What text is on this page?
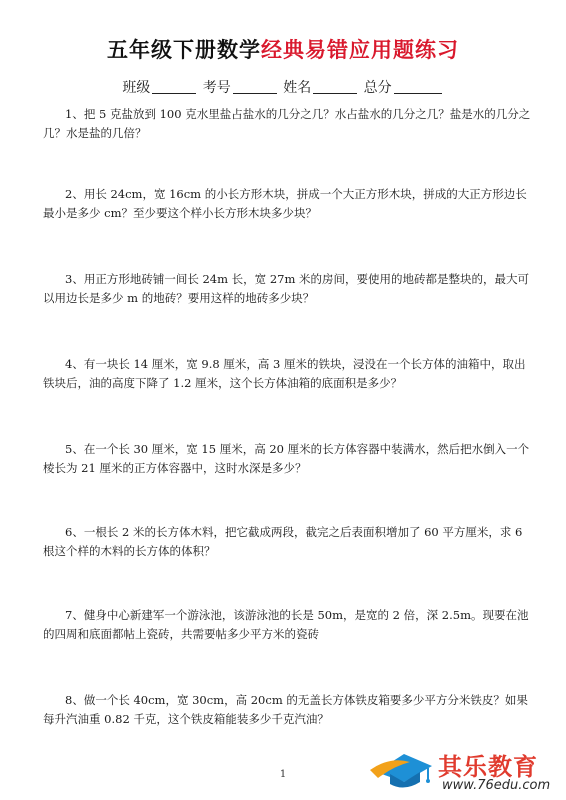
五年级下册数学经典易错应用题练习
班级	考号	姓名	总分

1、把 5 克盐放到 100 克水里盐占盐水的几分之几？水占盐水的几分之几？盐是水的几分之几？水是盐的几倍？

2、用长 24cm，宽 16cm 的小长方形木块，拼成一个大正方形木块，拼成的大正方形边长最小是多少 cm？至少要这个样小长方形木块多少块？

3、用正方形地砖铺一间长 24m 长，宽 27m 米的房间，要使用的地砖都是整块的，最大可以用边长是多少 m 的地砖？要用这样的地砖多少块？

4、有一块长 14 厘米，宽 9.8 厘米，高 3 厘米的铁块，浸没在一个长方体的油箱中，取出铁块后，油的高度下降了 1.2 厘米，这个长方体油箱的底面积是多少？

5、在一个长 30 厘米，宽 15 厘米，高 20 厘米的长方体容器中装满水，然后把水倒入一个棱长为 21 厘米的正方体容器中，这时水深是多少？

6、一根长 2 米的长方体木料，把它截成两段，截完之后表面积增加了 60 平方厘米，求 6 根这个样的木料的长方体的体积？

7、健身中心新建军一个游泳池，该游泳池的长是 50m，是宽的 2 倍，深 2.5m。现要在池的四周和底面都帖上瓷砖，共需要帖多少平方米的瓷砖

8、做一个长 40cm，宽 30cm，高 20cm 的无盖长方体铁皮箱要多少平方分米铁皮？如果每升汽油重 0.82 千克，这个铁皮箱能装多少千克汽油？

1	其乐教育
www.76edu.com
